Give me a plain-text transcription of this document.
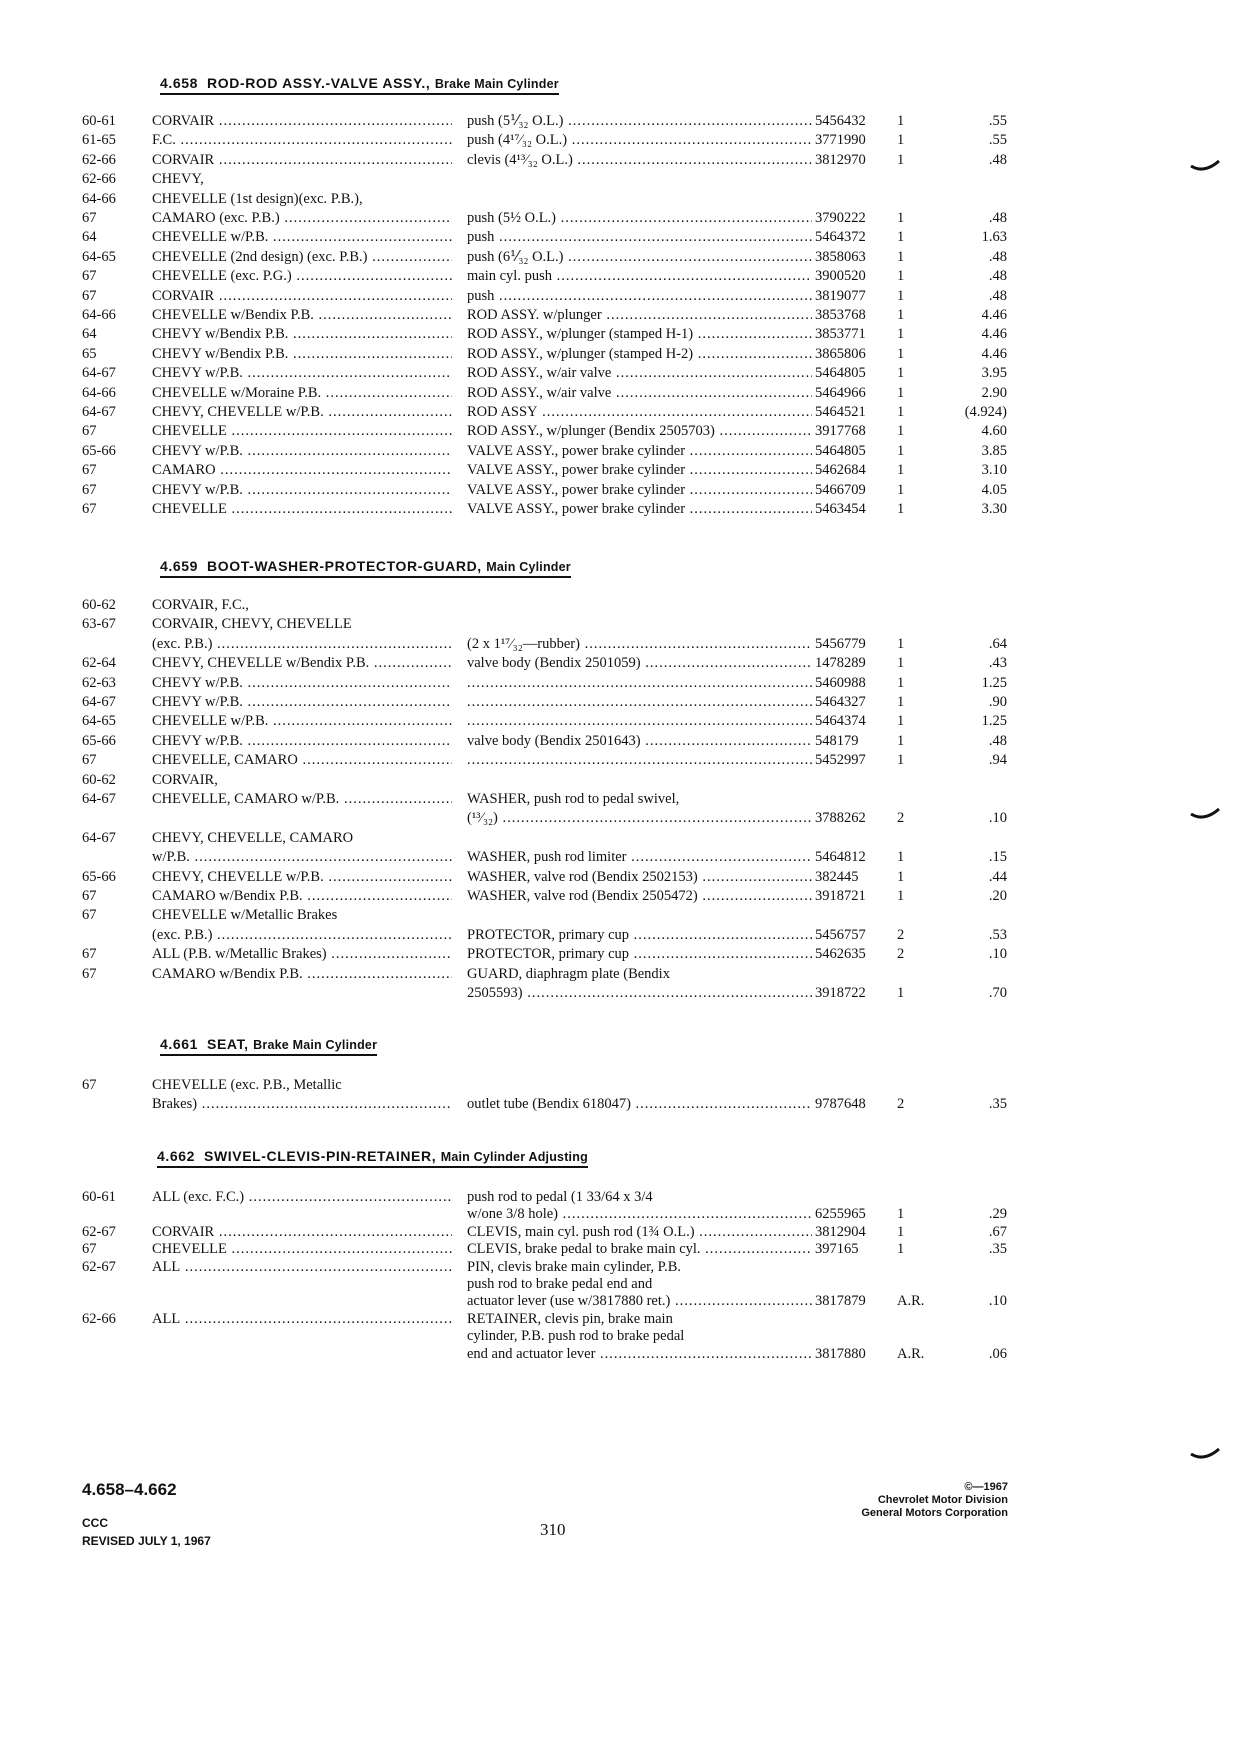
4.658 ROD-ROD ASSY.-VALVE ASSY., Brake Main Cylinder
60-61 CORVAIR .....	push (5⅟₃₂ O.L.) .....	5456432 1	.55
61-65 F.C. .....	push (4¹⁷⁄₃₂ O.L.) .....	3771990 1	.55
62-66 CORVAIR .....	clevis (4¹³⁄₃₂ O.L.) .....	3812970 1	.48
62-66 CHEVY,
64-66 CHEVELLE (1st design)(exc. P.B.),
67	CAMARO (exc. P.B.) .....	push (5½ O.L.) .....	3790222 1	.48
64	CHEVELLE w/P.B. .....	push .....	5464372 1	1.63
64-65 CHEVELLE (2nd design) (exc. P.B.) .....	push (6⅟₃₂ O.L.) .....	3858063 1	.48
67	CHEVELLE (exc. P.G.) .....	main cyl. push .....	3900520 1	.48
67	CORVAIR .....	push .....	3819077 1	.48
64-66 CHEVELLE w/Bendix P.B. .....	ROD ASSY. w/plunger .....	3853768 1	4.46
64	CHEVY w/Bendix P.B. .....	ROD ASSY., w/plunger (stamped H-1) .....	3853771 1	4.46
65	CHEVY w/Bendix P.B. .....	ROD ASSY., w/plunger (stamped H-2) .....	3865806 1	4.46
64-67 CHEVY w/P.B. .....	ROD ASSY., w/air valve .....	5464805 1	3.95
64-66 CHEVELLE w/Moraine P.B. .....	ROD ASSY., w/air valve .....	5464966 1	2.90
64-67 CHEVY, CHEVELLE w/P.B. .....	ROD ASSY .....	5464521 1	(4.924)
67	CHEVELLE .....	ROD ASSY., w/plunger (Bendix 2505703) .....	3917768 1	4.60
65-66 CHEVY w/P.B. .....	VALVE ASSY., power brake cylinder .....	5464805 1	3.85
67	CAMARO .....	VALVE ASSY., power brake cylinder .....	5462684 1	3.10
67	CHEVY w/P.B. .....	VALVE ASSY., power brake cylinder .....	5466709 1	4.05
67	CHEVELLE .....	VALVE ASSY., power brake cylinder .....	5463454 1	3.30
4.659 BOOT-WASHER-PROTECTOR-GUARD, Main Cylinder
60-62 CORVAIR, F.C.,
63-67 CORVAIR, CHEVY, CHEVELLE
(exc. P.B.) .....	(2 x 1¹⁷⁄₃₂—rubber) .....	5456779 1	.64
62-64 CHEVY, CHEVELLE w/Bendix P.B. .....	valve body (Bendix 2501059) .....	1478289 1	.43
62-63 CHEVY w/P.B. ..... .....	5460988 1	1.25
64-67 CHEVY w/P.B. ..... .....	5464327 1	.90
64-65 CHEVELLE w/P.B. ..... .....	5464374 1	1.25
65-66 CHEVY w/P.B. .....	valve body (Bendix 2501643) .....	548179	1	.48
67	CHEVELLE, CAMARO ..... .....	5452997 1	.94
60-62 CORVAIR,
64-67 CHEVELLE, CAMARO w/P.B. .....	WASHER, push rod to pedal swivel,
(¹³⁄₃₂) .....	3788262 2	.10
64-67 CHEVY, CHEVELLE, CAMARO
w/P.B. .....	WASHER, push rod limiter .....	5464812 1	.15
65-66 CHEVY, CHEVELLE w/P.B. .....	WASHER, valve rod (Bendix 2502153) .....	382445	1	.44
67	CAMARO w/Bendix P.B. .....	WASHER, valve rod (Bendix 2505472) .....	3918721 1	.20
67	CHEVELLE w/Metallic Brakes
(exc. P.B.) .....	PROTECTOR, primary cup .....	5456757 2	.53
67	ALL (P.B. w/Metallic Brakes) .....	PROTECTOR, primary cup .....	5462635 2	.10
67	CAMARO w/Bendix P.B. .....	GUARD, diaphragm plate (Bendix
2505593) .....	3918722 1	.70
4.661 SEAT, Brake Main Cylinder
67	CHEVELLE (exc. P.B., Metallic
Brakes) .....	outlet tube (Bendix 618047) .....	9787648 2	.35
4.662 SWIVEL-CLEVIS-PIN-RETAINER, Main Cylinder Adjusting
60-61 ALL (exc. F.C.) .....	push rod to pedal (1 33/64 x 3/4
w/one 3/8 hole) .....	6255965 1	.29
62-67 CORVAIR .....	CLEVIS, main cyl. push rod (1¾ O.L.) .....	3812904 1	.67
67	CHEVELLE .....	CLEVIS, brake pedal to brake main cyl. .....	397165	1	.35
62-67 ALL .....	PIN, clevis brake main cylinder, P.B.
push rod to brake pedal end and
actuator lever (use w/3817880 ret.) .....	3817879 A.R.	.10
62-66 ALL .....	RETAINER, clevis pin, brake main
cylinder, P.B. push rod to brake pedal
end and actuator lever .....	3817880 A.R.	.06
4.658–4.662
CCC
REVISED JULY 1, 1967
310
©—1967
Chevrolet Motor Division
General Motors Corporation
